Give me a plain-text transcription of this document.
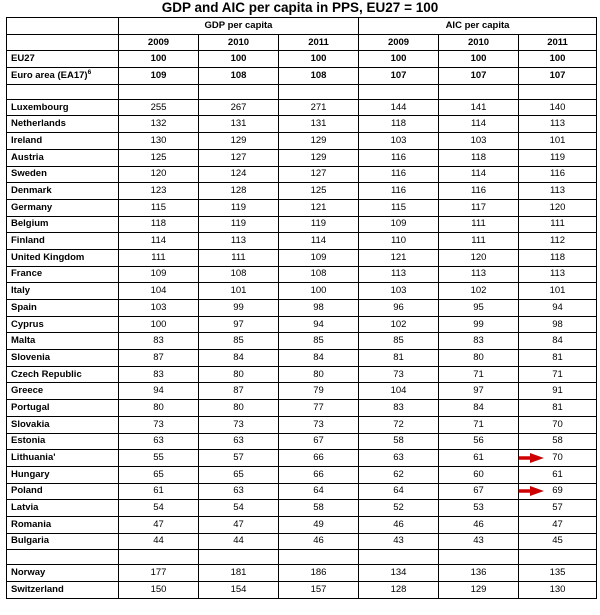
GDP and AIC per capita in PPS, EU27 = 100
	GDP per capita			AIC per capita		
	2009	2010	2011	2009	2010	2011
EU27	100	100	100	100	100	100
Euro area $(EA17)^6$	109	108	108	107	107	107

Luxembourg	255	267	271	144	141	140
Netherlands	132	131	131	118	114	113
Ireland	130	129	129	103	103	101
Austria	125	127	129	116	118	119
Sweden	120	124	127	116	114	116
Denmark	123	128	125	116	116	113
Germany	115	119	121	115	117	120
Belgium	118	119	119	109	111	111
Finland	114	113	114	110	111	112
United Kingdom	111	111	109	121	120	118
France	109	108	108	113	113	113
Italy	104	101	100	103	102	101
Spain	103	99	98	96	95	94
Cyprus	100	97	94	102	99	98
Malta	83	85	85	85	83	84
Slovenia	87	84	84	81	80	81
Czech Republic	83	80	80	73	71	71
Greece	94	87	79	104	97	91
Portugal	80	80	77	83	84	81
Slovakia	73	73	73	72	71	70
Estonia	63	63	67	58	56	58
Lithuania'	55	57	66	63	61	70
Hungary	65	65	66	62	60	61
Poland	61	63	64	64	67	69
Latvia	54	54	58	52	53	57
Romania	47	47	49	46	46	47
Bulgaria	44	44	46	43	43	45

Norway	177	181	186	134	136	135
Switzerland	150	154	157	128	129	130
